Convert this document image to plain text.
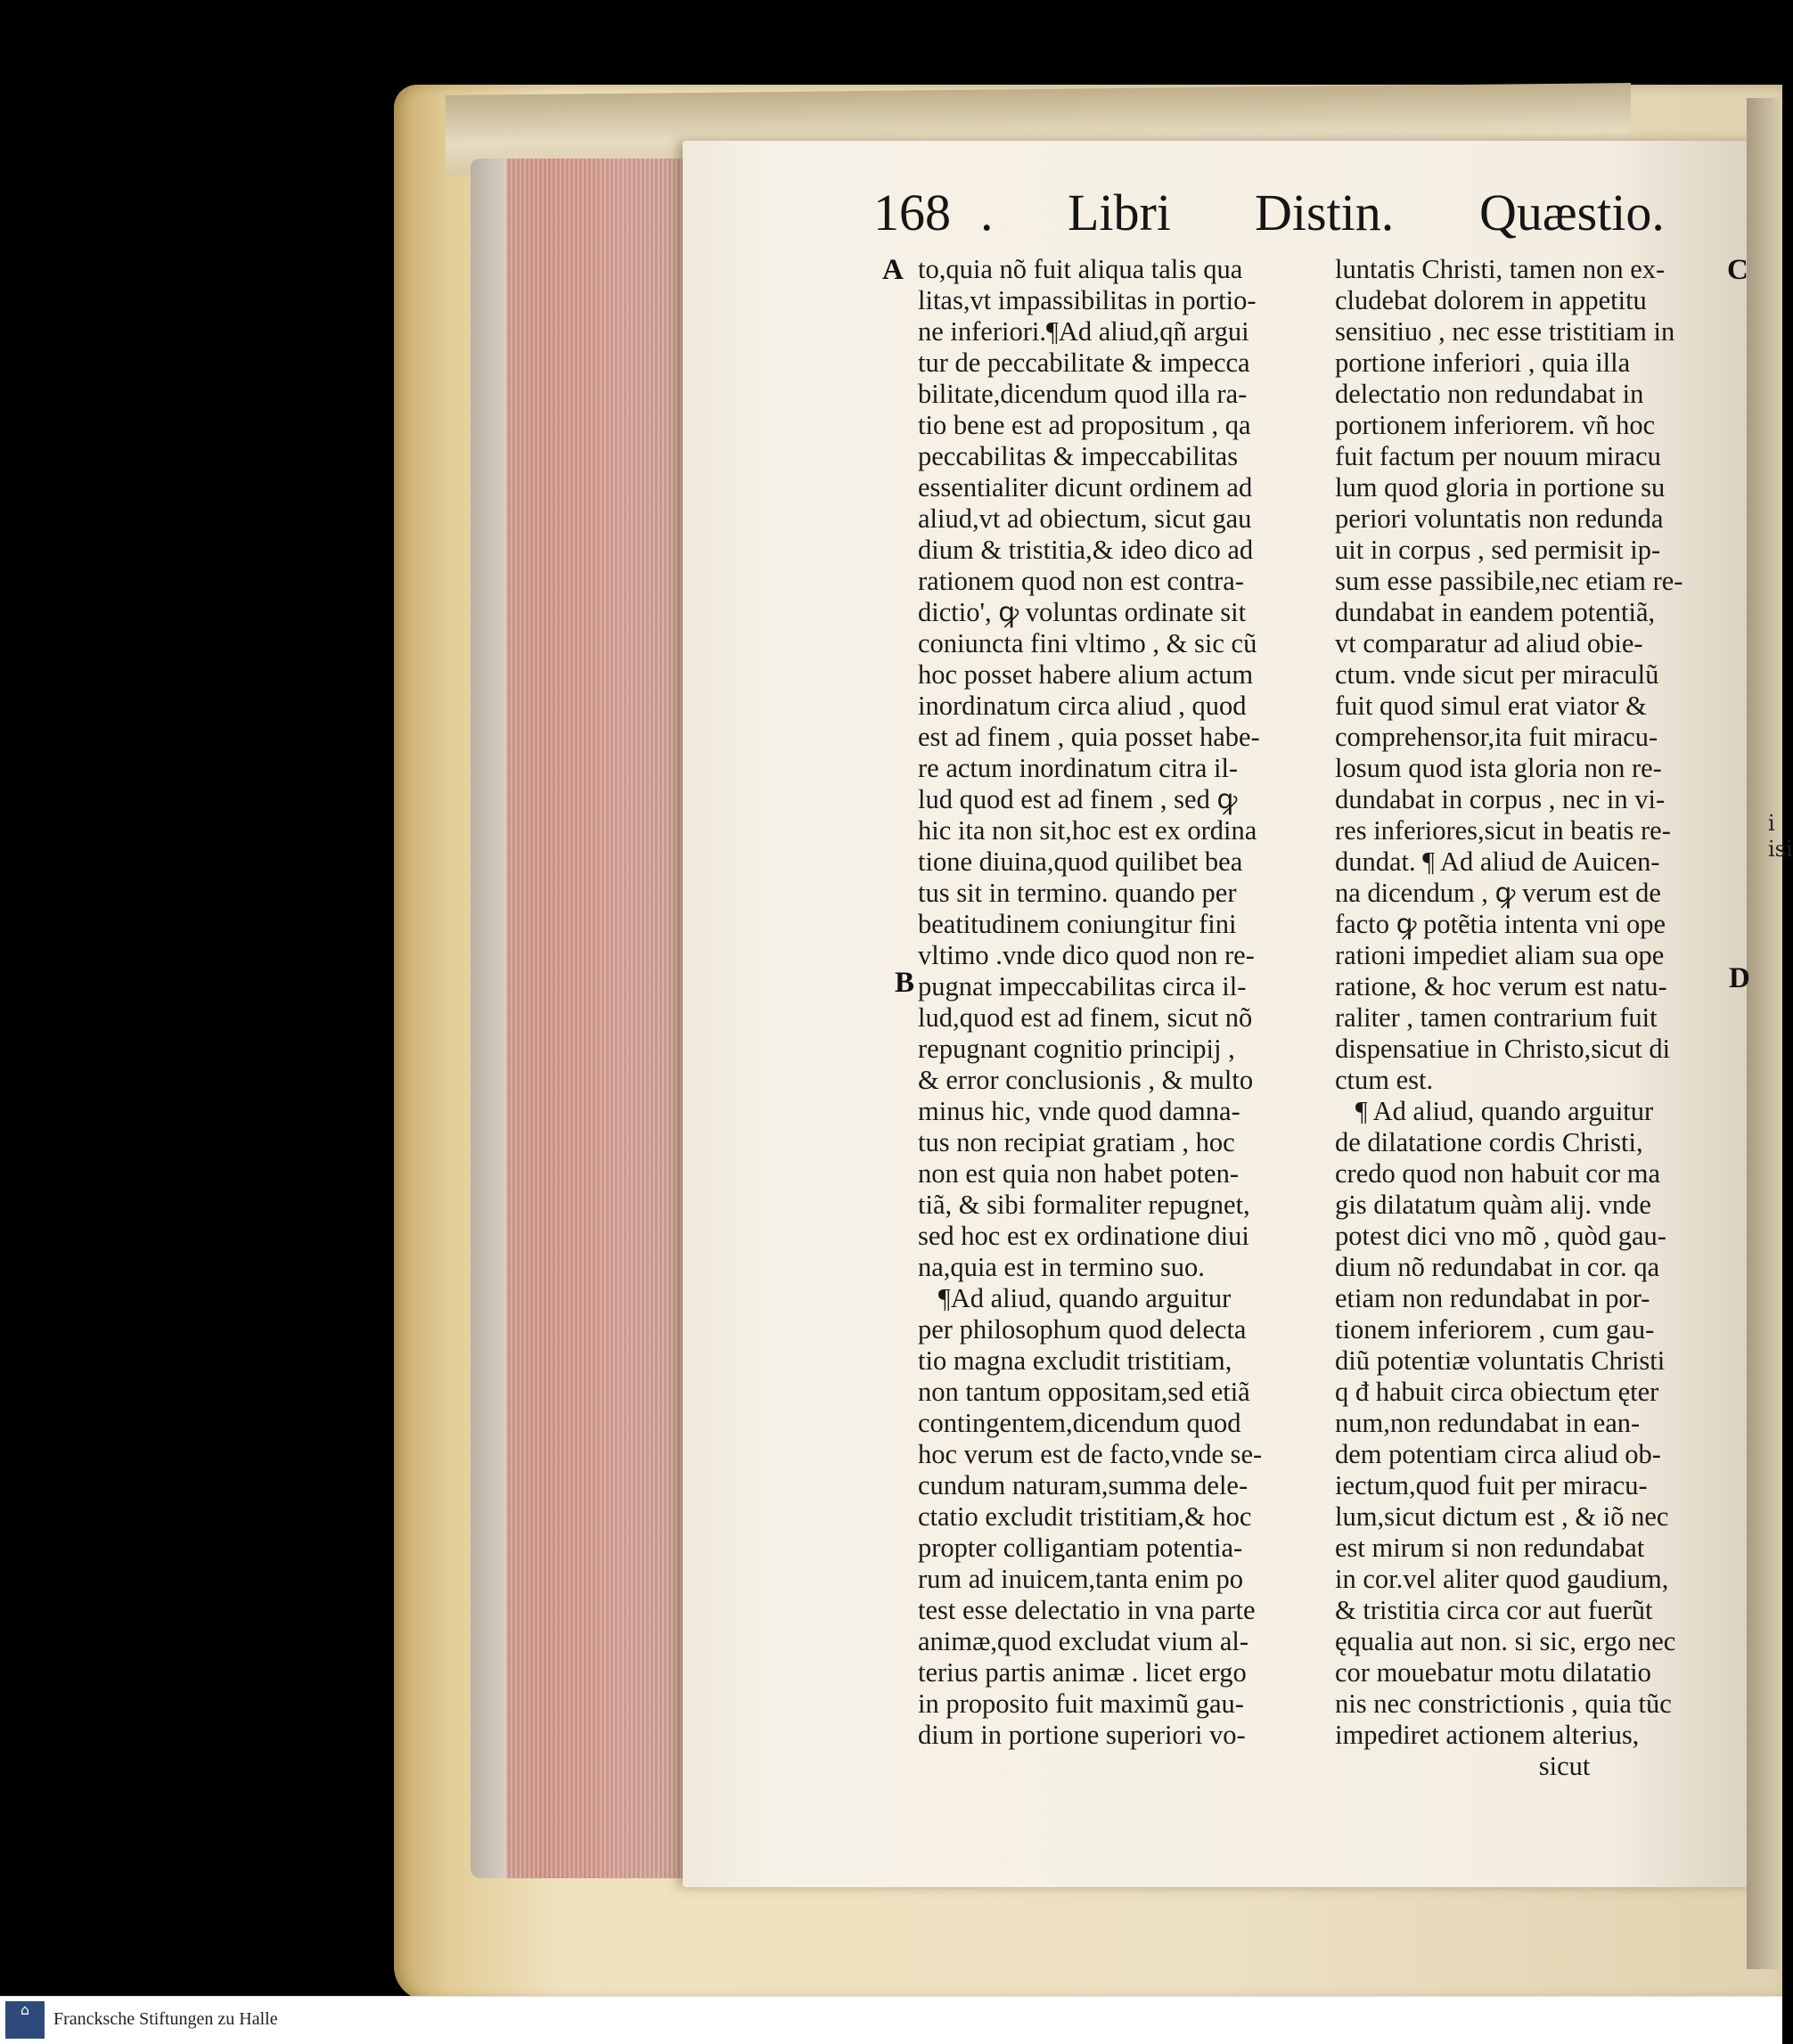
i
isi
168 . Libri Distin. Quæstio.
A
B
C
D
to,quia nõ fuit aliqua talis qua
litas,vt impassibilitas in portio-
ne inferiori.¶Ad aliud,qñ argui
tur de peccabilitate & impecca
bilitate,dicendum quod illa ra-
tio bene est ad propositum , qa
peccabilitas & impeccabilitas
essentialiter dicunt ordinem ad
aliud,vt ad obiectum, sicut gau
dium & tristitia,& ideo dico ad
rationem quod non est contra-
dictio', ꝙ voluntas ordinate sit
coniuncta fini vltimo , & sic cũ
hoc posset habere alium actum
inordinatum circa aliud , quod
est ad finem , quia posset habe-
re actum inordinatum citra il-
lud quod est ad finem , sed ꝙ
hic ita non sit,hoc est ex ordina
tione diuina,quod quilibet bea
tus sit in termino. quando per
beatitudinem coniungitur fini
vltimo .vnde dico quod non re-
pugnat impeccabilitas circa il-
lud,quod est ad finem, sicut nõ
repugnant cognitio principij ,
& error conclusionis , & multo
minus hic, vnde quod damna-
tus non recipiat gratiam , hoc
non est quia non habet poten-
tiã, & sibi formaliter repugnet,
sed hoc est ex ordinatione diui
na,quia est in termino suo.
¶Ad aliud, quando arguitur
per philosophum quod delecta
tio magna excludit tristitiam,
non tantum oppositam,sed etiã
contingentem,dicendum quod
hoc verum est de facto,vnde se-
cundum naturam,summa dele-
ctatio excludit tristitiam,& hoc
propter colligantiam potentia-
rum ad inuicem,tanta enim po
test esse delectatio in vna parte
animæ,quod excludat vium al-
terius partis animæ . licet ergo
in proposito fuit maximũ gau-
dium in portione superiori vo-
luntatis Christi, tamen non ex-
cludebat dolorem in appetitu
sensitiuo , nec esse tristitiam in
portione inferiori , quia illa
delectatio non redundabat in
portionem inferiorem. vñ hoc
fuit factum per nouum miracu
lum quod gloria in portione su
periori voluntatis non redunda
uit in corpus , sed permisit ip-
sum esse passibile,nec etiam re-
dundabat in eandem potentiã,
vt comparatur ad aliud obie-
ctum. vnde sicut per miraculũ
fuit quod simul erat viator &
comprehensor,ita fuit miracu-
losum quod ista gloria non re-
dundabat in corpus , nec in vi-
res inferiores,sicut in beatis re-
dundat. ¶ Ad aliud de Auicen-
na dicendum , ꝙ verum est de
facto ꝙ potẽtia intenta vni ope
rationi impediet aliam sua ope
ratione, & hoc verum est natu-
raliter , tamen contrarium fuit
dispensatiue in Christo,sicut di
ctum est.
¶ Ad aliud, quando arguitur
de dilatatione cordis Christi,
credo quod non habuit cor ma
gis dilatatum quàm alij. vnde
potest dici vno mõ , quòd gau-
dium nõ redundabat in cor. qa
etiam non redundabat in por-
tionem inferiorem , cum gau-
diũ potentiæ voluntatis Christi
q đ habuit circa obiectum ęter
num,non redundabat in ean-
dem potentiam circa aliud ob-
iectum,quod fuit per miracu-
lum,sicut dictum est , & iõ nec
est mirum si non redundabat
in cor.vel aliter quod gaudium,
& tristitia circa cor aut fuerũt
ęqualia aut non. si sic, ergo nec
cor mouebatur motu dilatatio
nis nec constrictionis , quia tũc
impediret actionem alterius,
sicut
⌂	Francksche Stiftungen zu Halle
